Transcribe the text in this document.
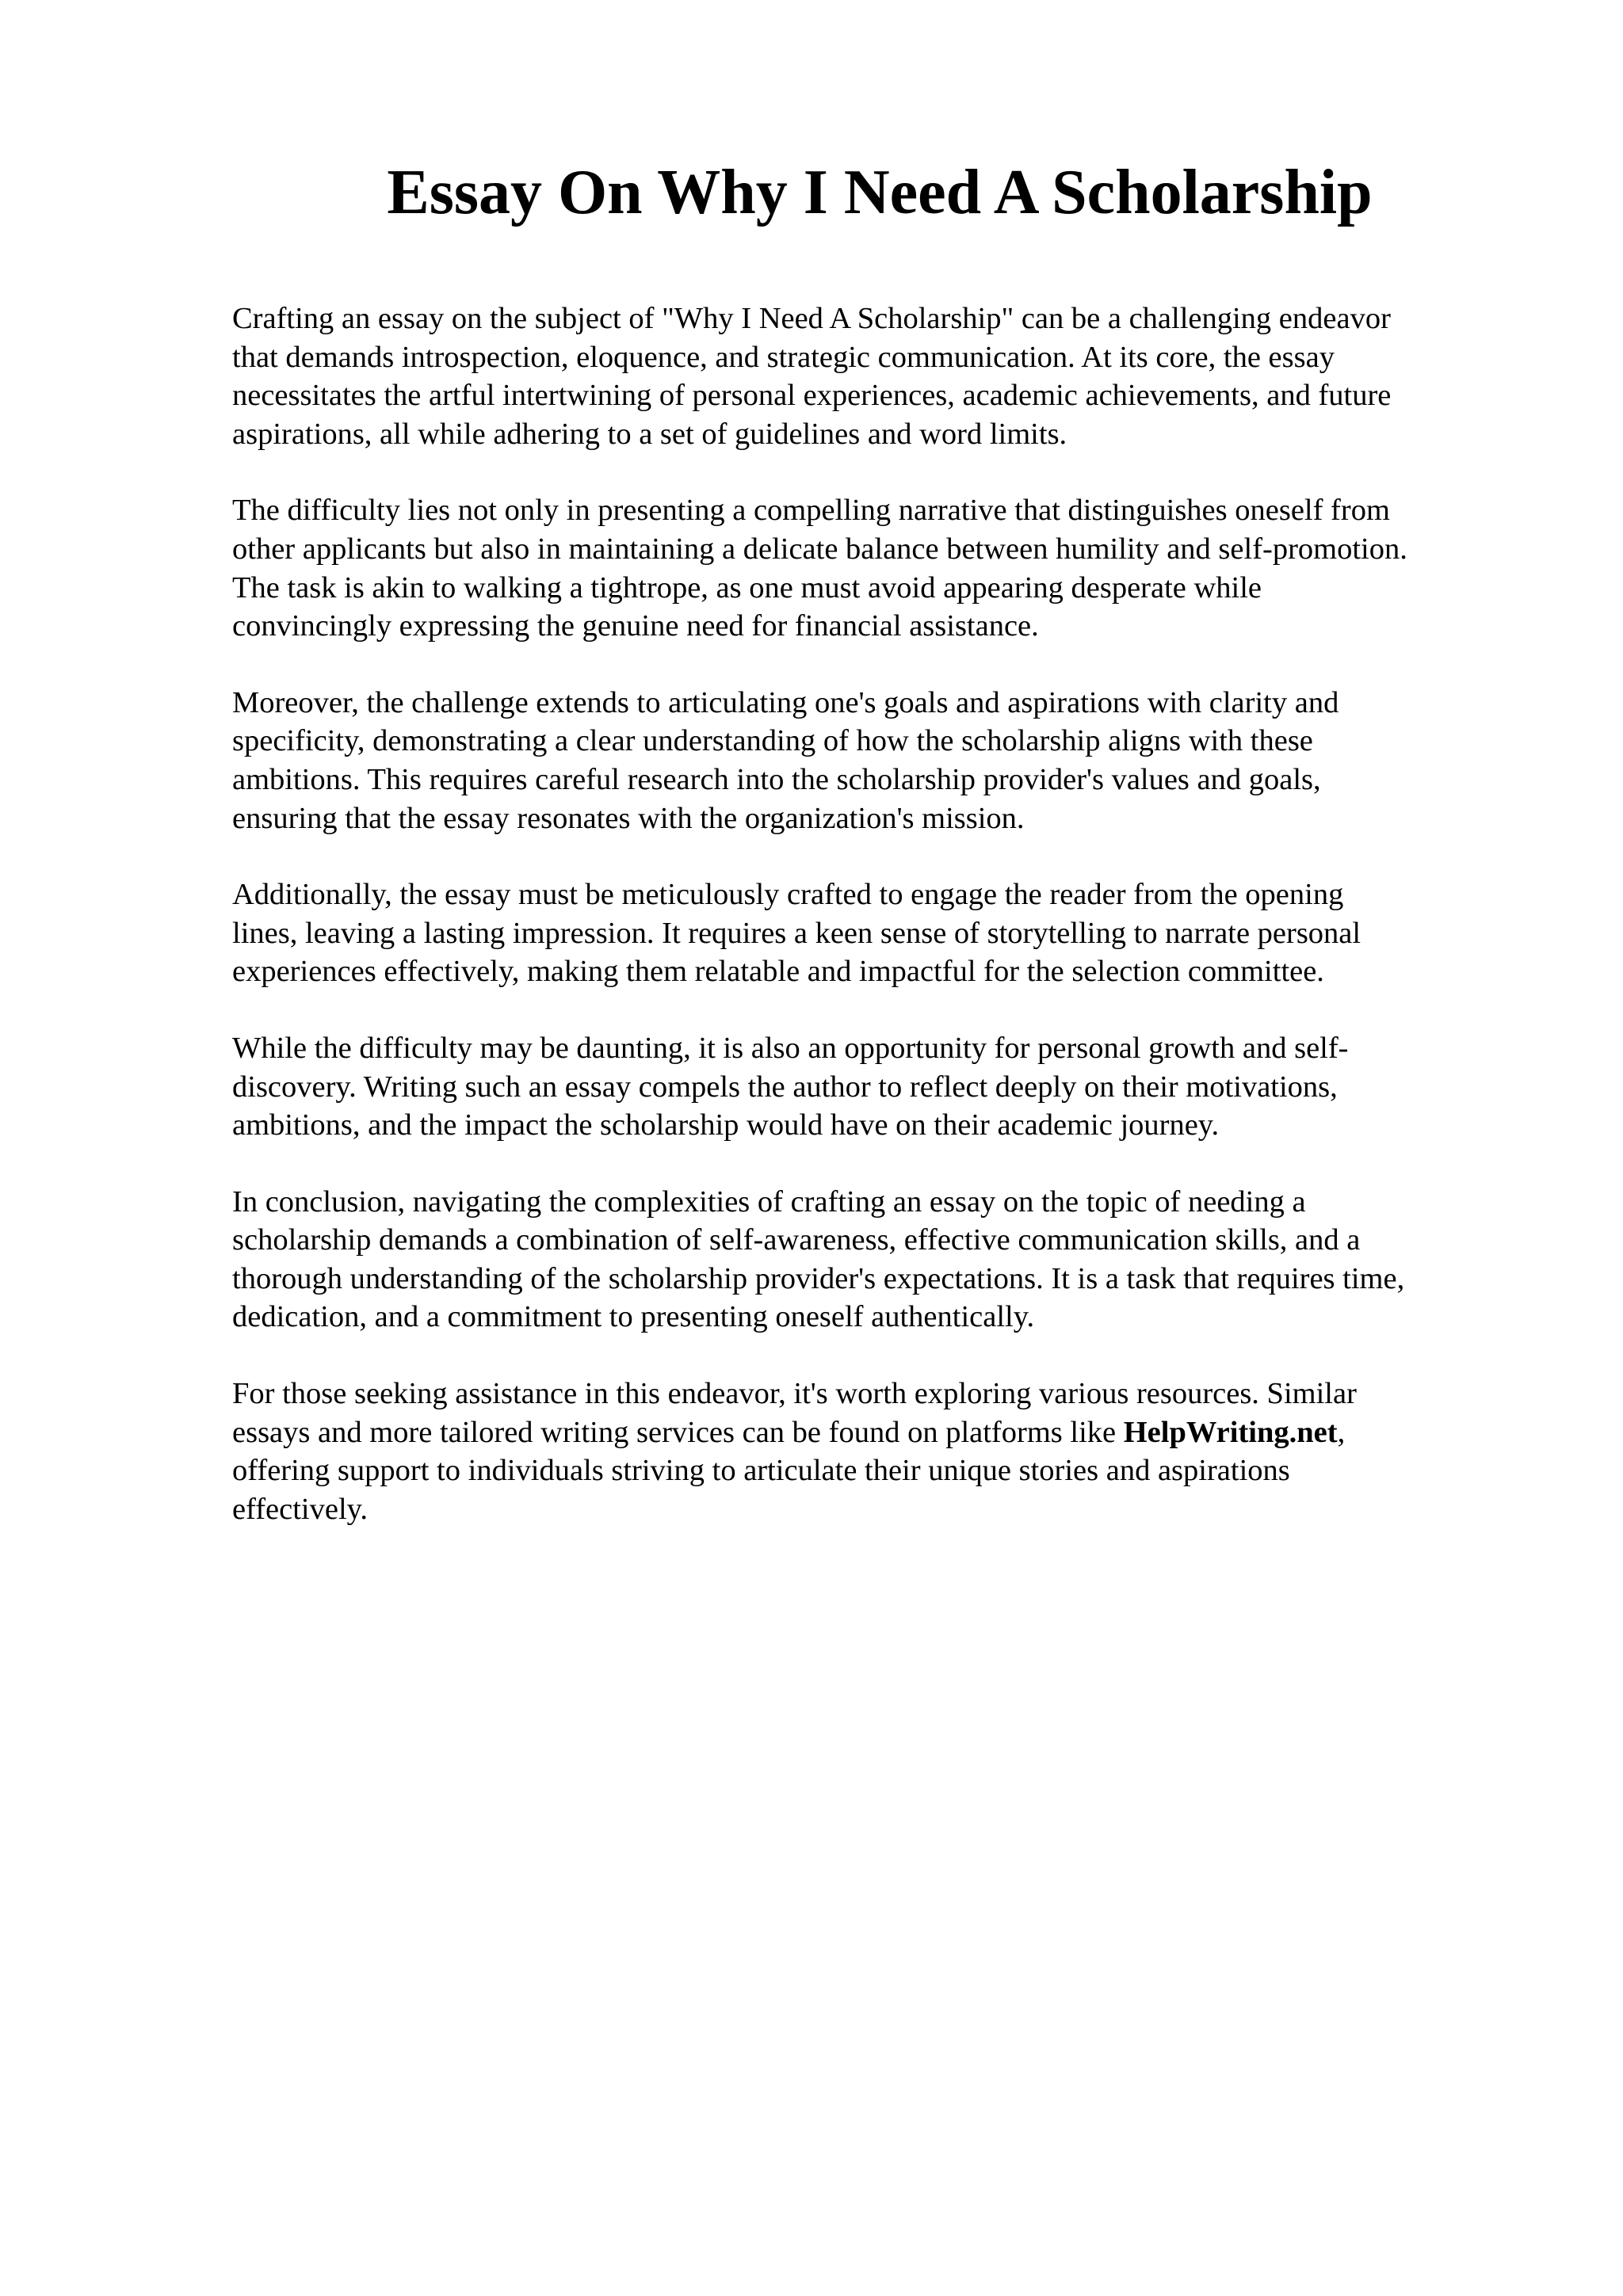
Essay On Why I Need A Scholarship

Crafting an essay on the subject of "Why I Need A Scholarship" can be a challenging endeavor
that demands introspection, eloquence, and strategic communication. At its core, the essay
necessitates the artful intertwining of personal experiences, academic achievements, and future
aspirations, all while adhering to a set of guidelines and word limits.

The difficulty lies not only in presenting a compelling narrative that distinguishes oneself from
other applicants but also in maintaining a delicate balance between humility and self-promotion.
The task is akin to walking a tightrope, as one must avoid appearing desperate while
convincingly expressing the genuine need for financial assistance.

Moreover, the challenge extends to articulating one's goals and aspirations with clarity and
specificity, demonstrating a clear understanding of how the scholarship aligns with these
ambitions. This requires careful research into the scholarship provider's values and goals,
ensuring that the essay resonates with the organization's mission.

Additionally, the essay must be meticulously crafted to engage the reader from the opening
lines, leaving a lasting impression. It requires a keen sense of storytelling to narrate personal
experiences effectively, making them relatable and impactful for the selection committee.

While the difficulty may be daunting, it is also an opportunity for personal growth and self-
discovery. Writing such an essay compels the author to reflect deeply on their motivations,
ambitions, and the impact the scholarship would have on their academic journey.

In conclusion, navigating the complexities of crafting an essay on the topic of needing a
scholarship demands a combination of self-awareness, effective communication skills, and a
thorough understanding of the scholarship provider's expectations. It is a task that requires time,
dedication, and a commitment to presenting oneself authentically.

For those seeking assistance in this endeavor, it's worth exploring various resources. Similar
essays and more tailored writing services can be found on platforms like HelpWriting.net,
offering support to individuals striving to articulate their unique stories and aspirations
effectively.
